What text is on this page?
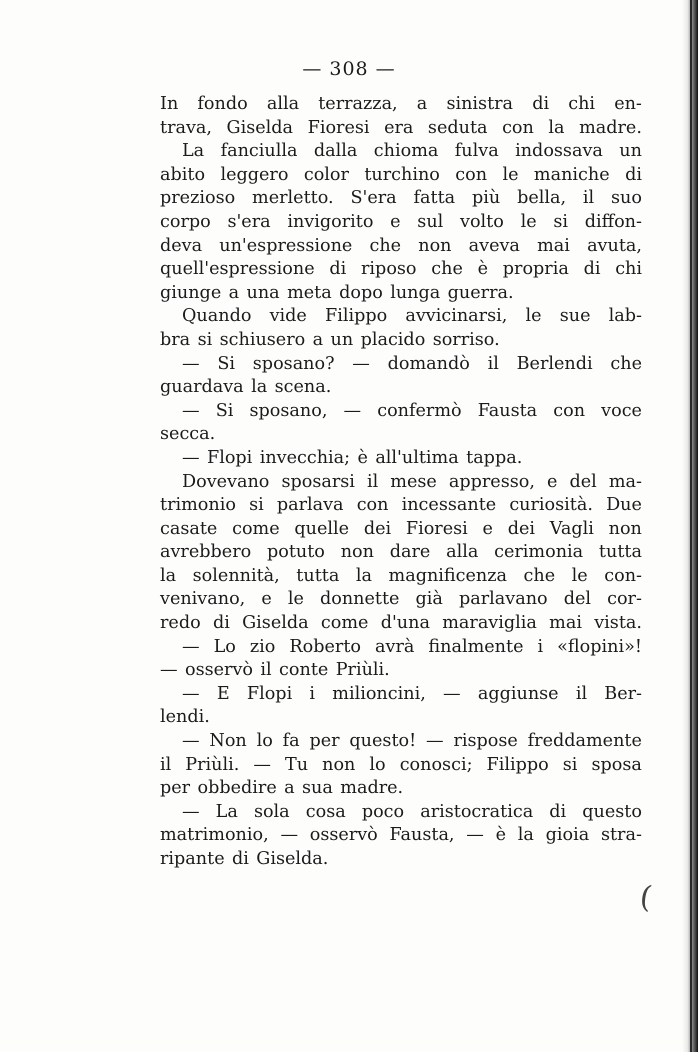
— 308 —
In fondo alla terrazza, a sinistra di chi en-
trava, Giselda Fioresi era seduta con la madre.
La fanciulla dalla chioma fulva indossava un
abito leggero color turchino con le maniche di
prezioso merletto. S'era fatta più bella, il suo
corpo s'era invigorito e sul volto le si diffon-
deva un'espressione che non aveva mai avuta,
quell'espressione di riposo che è propria di chi
giunge a una meta dopo lunga guerra.
Quando vide Filippo avvicinarsi, le sue lab-
bra si schiusero a un placido sorriso.
— Si sposano? — domandò il Berlendi che
guardava la scena.
— Si sposano, — confermò Fausta con voce
secca.
— Flopi invecchia; è all'ultima tappa.
Dovevano sposarsi il mese appresso, e del ma-
trimonio si parlava con incessante curiosità. Due
casate come quelle dei Fioresi e dei Vagli non
avrebbero potuto non dare alla cerimonia tutta
la solennità, tutta la magnificenza che le con-
venivano, e le donnette già parlavano del cor-
redo di Giselda come d'una maraviglia mai vista.
— Lo zio Roberto avrà finalmente i «flopini»!
— osservò il conte Priùli.
— E Flopi i milioncini, — aggiunse il Ber-
lendi.
— Non lo fa per questo! — rispose freddamente
il Priùli. — Tu non lo conosci; Filippo si sposa
per obbedire a sua madre.
— La sola cosa poco aristocratica di questo
matrimonio, — osservò Fausta, — è la gioia stra-
ripante di Giselda.
(
